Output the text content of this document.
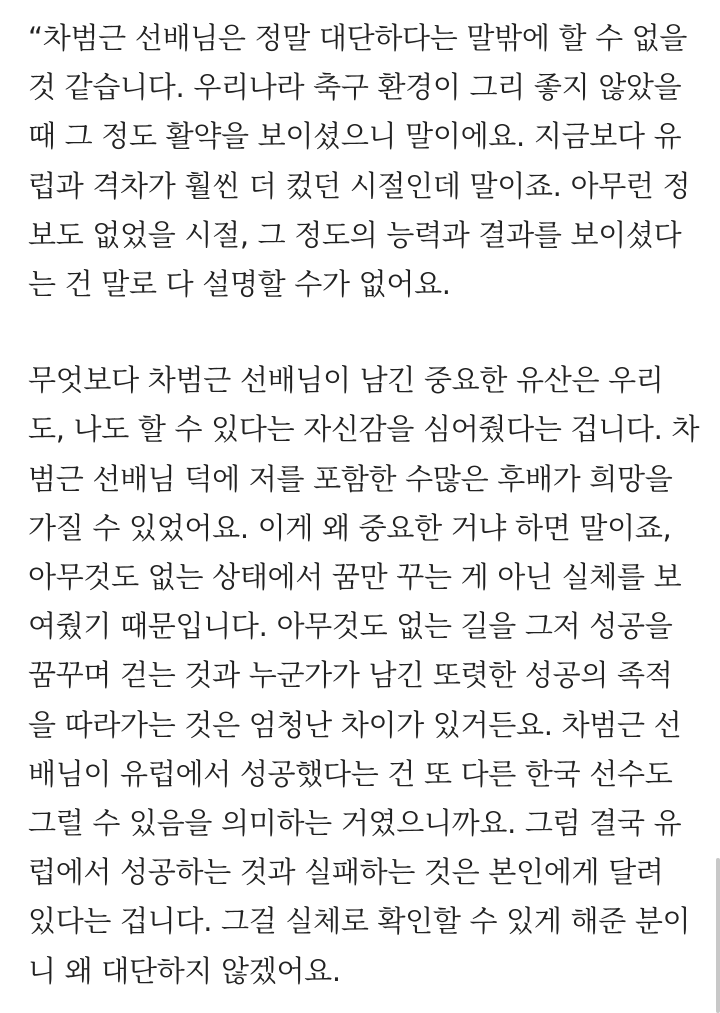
“차범근 선배님은 정말 대단하다는 말밖에 할 수 없을
것 같습니다. 우리나라 축구 환경이 그리 좋지 않았을
때 그 정도 활약을 보이셨으니 말이에요. 지금보다 유
럽과 격차가 훨씬 더 컸던 시절인데 말이죠. 아무런 정
보도 없었을 시절, 그 정도의 능력과 결과를 보이셨다
는 건 말로 다 설명할 수가 없어요.

무엇보다 차범근 선배님이 남긴 중요한 유산은 우리
도, 나도 할 수 있다는 자신감을 심어줬다는 겁니다. 차
범근 선배님 덕에 저를 포함한 수많은 후배가 희망을
가질 수 있었어요. 이게 왜 중요한 거냐 하면 말이죠,
아무것도 없는 상태에서 꿈만 꾸는 게 아닌 실체를 보
여줬기 때문입니다. 아무것도 없는 길을 그저 성공을
꿈꾸며 걷는 것과 누군가가 남긴 또렷한 성공의 족적
을 따라가는 것은 엄청난 차이가 있거든요. 차범근 선
배님이 유럽에서 성공했다는 건 또 다른 한국 선수도
그럴 수 있음을 의미하는 거였으니까요. 그럼 결국 유
럽에서 성공하는 것과 실패하는 것은 본인에게 달려
있다는 겁니다. 그걸 실체로 확인할 수 있게 해준 분이
니 왜 대단하지 않겠어요.
